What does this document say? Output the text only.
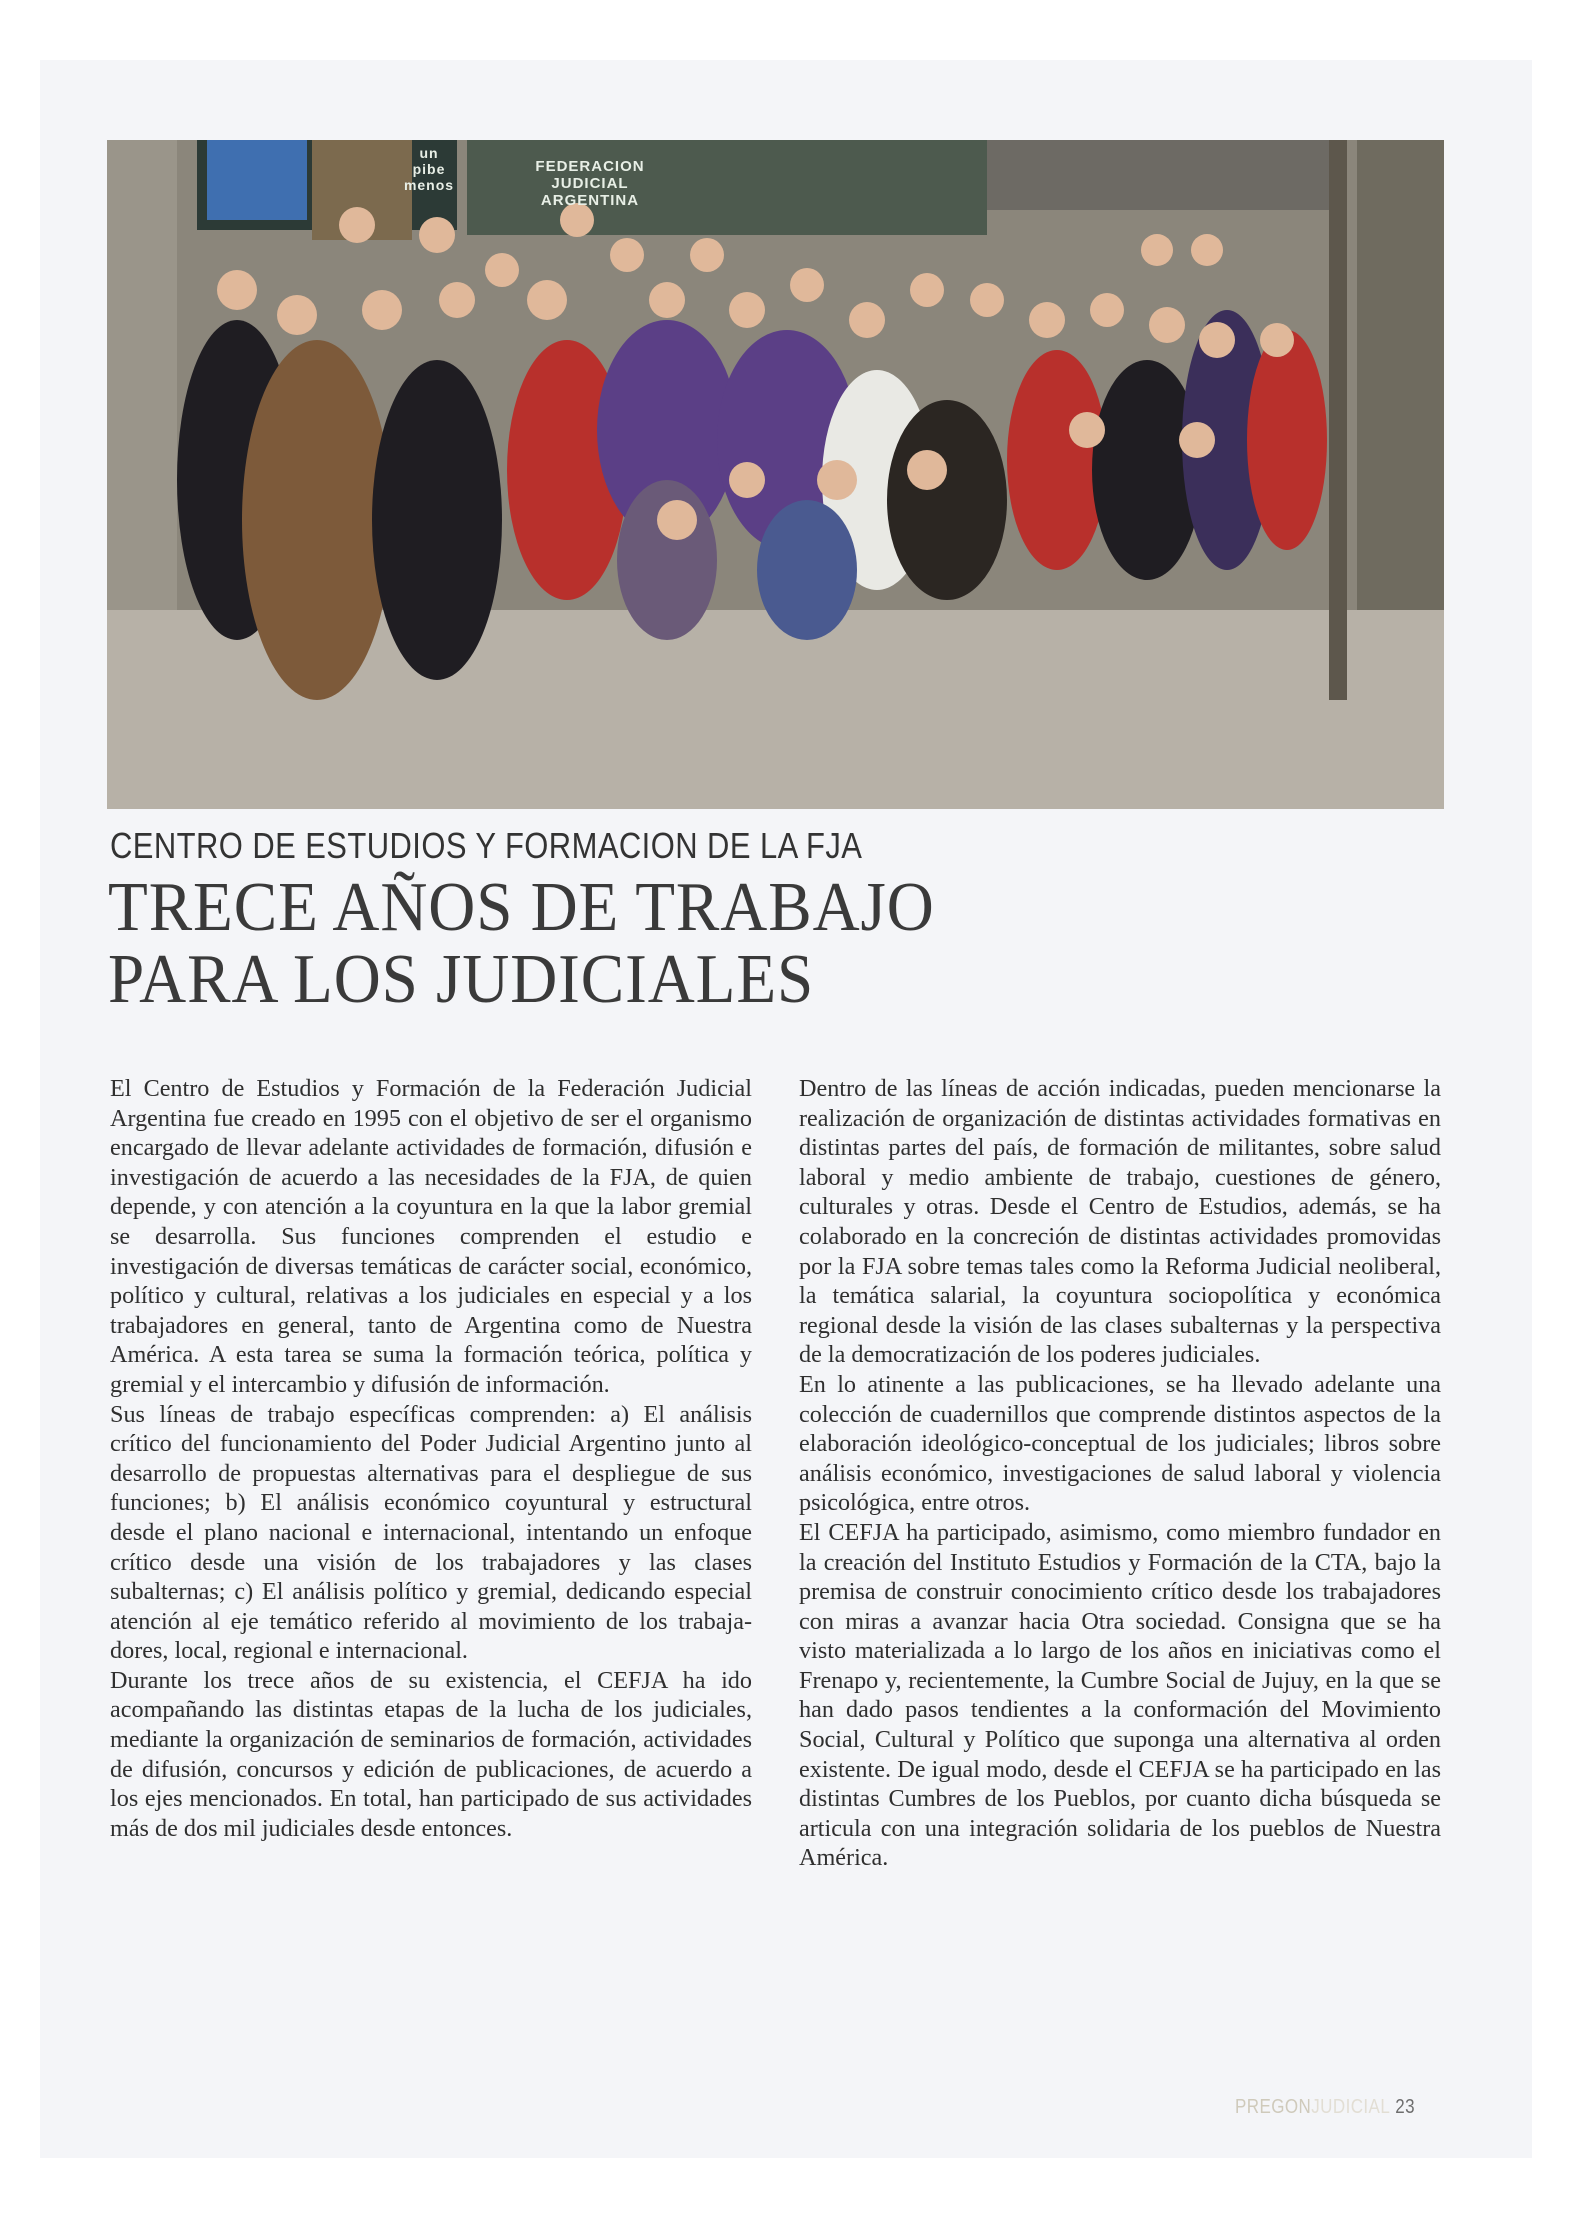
FEDERACION JUDICIAL
ARGENTINA
un
pibe
menos
CENTRO DE ESTUDIOS Y FORMACION DE LA FJA
TRECE AÑOS DE TRABAJO
PARA LOS JUDICIALES

El Centro de Estudios y Formación de la Federación Judicial Argentina fue creado en 1995 con el objetivo de ser el organismo encargado de llevar adelante actividades de formación, difusión e investigación de acuerdo a las necesidades de la FJA, de quien depende, y con atención a la coyuntura en la que la labor gremial se desarrolla. Sus funciones comprenden el estudio e investigación de diversas temáticas de carácter social, económico, político y cultural, relativas a los judiciales en especial y a los trabajadores en general, tanto de Argentina como de Nuestra América. A esta tarea se suma la formación teórica, política y gremial y el intercambio y difusión de información.

Sus líneas de trabajo específicas comprenden: a) El análisis crítico del funcionamiento del Poder Judicial Argentino junto al desarrollo de propuestas alternativas para el despliegue de sus funciones; b) El análisis económico coyuntural y estructural desde el plano nacional e internacional, intentando un enfoque crítico desde una visión de los trabajadores y las clases subalternas; c) El análisis político y gremial, dedicando especial atención al eje temático referido al movimiento de los trabajadores, local, regional e internacional.

Durante los trece años de su existencia, el CEFJA ha ido acompañando las distintas etapas de la lucha de los judiciales, mediante la organización de seminarios de formación, actividades de difusión, concursos y edición de publicaciones, de acuerdo a los ejes mencionados. En total, han participado de sus actividades más de dos mil judiciales desde entonces.

Dentro de las líneas de acción indicadas, pueden mencionarse la realización de organización de distintas actividades formativas en distintas partes del país, de formación de militantes, sobre salud laboral y medio ambiente de trabajo, cuestiones de género, culturales y otras. Desde el Centro de Estudios, además, se ha colaborado en la concreción de distintas actividades promovidas por la FJA sobre temas tales como la Reforma Judicial neoliberal, la temática salarial, la coyuntura sociopolítica y económica regional desde la visión de las clases subalternas y la perspectiva de la democratización de los poderes judiciales.

En lo atinente a las publicaciones, se ha llevado adelante una colección de cuadernillos que comprende distintos aspectos de la elaboración ideológico-conceptual de los judiciales; libros sobre análisis económico, investigaciones de salud laboral y violencia psicológica, entre otros.

El CEFJA ha participado, asimismo, como miembro fundador en la creación del Instituto Estudios y Formación de la CTA, bajo la premisa de construir conocimiento crítico desde los trabajadores con miras a avanzar hacia Otra sociedad. Consigna que se ha visto materializada a lo largo de los años en iniciativas como el Frenapo y, recientemente, la Cumbre Social de Jujuy, en la que se han dado pasos tendientes a la conformación del Movimiento Social, Cultural y Político que suponga una alternativa al orden existente. De igual modo, desde el CEFJA se ha participado en las distintas Cumbres de los Pueblos, por cuanto dicha búsqueda se articula con una integración solidaria de los pueblos de Nuestra América.

PREGONJUDICIAL 23
